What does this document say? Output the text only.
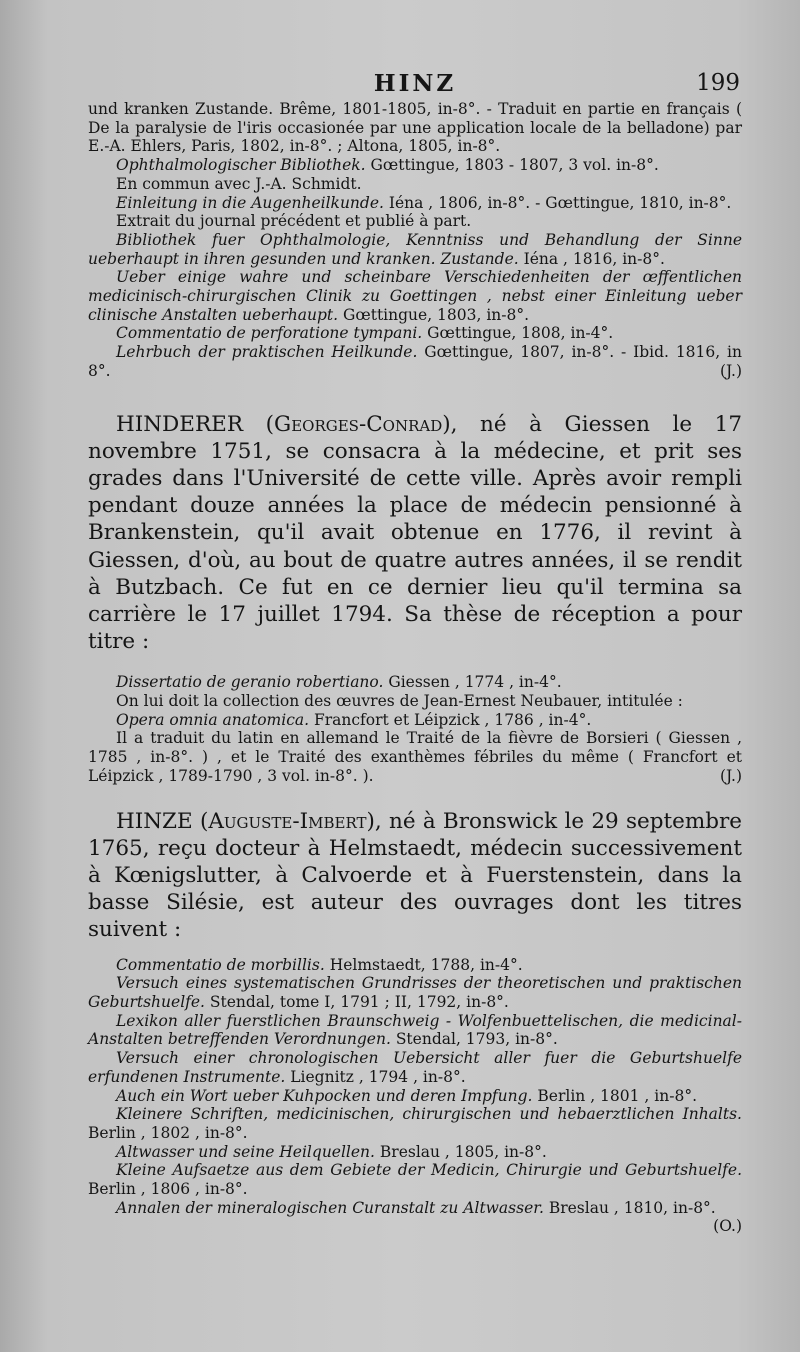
HINZ	199

und kranken Zustande. Brême, 1801-1805, in-8°. - Traduit en partie en français ( De la paralysie de l'iris occasionée par une application locale de la belladone) par E.-A. Ehlers, Paris, 1802, in-8°. ; Altona, 1805, in-8°.

Ophthalmologischer Bibliothek. Gœttingue, 1803 - 1807, 3 vol. in-8°.

En commun avec J.-A. Schmidt.

Einleitung in die Augenheilkunde. Iéna , 1806, in-8°. - Gœttingue, 1810, in-8°.

Extrait du journal précédent et publié à part.

Bibliothek fuer Ophthalmologie, Kenntniss und Behandlung der Sinne ueberhaupt in ihren gesunden und kranken. Zustande. Iéna , 1816, in-8°.

Ueber einige wahre und scheinbare Verschiedenheiten der œffentlichen medicinisch-chirurgischen Clinik zu Goettingen , nebst einer Einleitung ueber clinische Anstalten ueberhaupt. Gœttingue, 1803, in-8°.

Commentatio de perforatione tympani. Gœttingue, 1808, in-4°.

Lehrbuch der praktischen Heilkunde. Gœttingue, 1807, in-8°. - Ibid. 1816, in 8°.	(J.)

HINDERER (Georges-Conrad), né à Giessen le 17 novembre 1751, se consacra à la médecine, et prit ses grades dans l'Université de cette ville. Après avoir rempli pendant douze années la place de médecin pensionné à Brankenstein, qu'il avait obtenue en 1776, il revint à Giessen, d'où, au bout de quatre autres années, il se rendit à Butzbach. Ce fut en ce dernier lieu qu'il termina sa carrière le 17 juillet 1794. Sa thèse de réception a pour titre :

Dissertatio de geranio robertiano. Giessen , 1774 , in-4°.

On lui doit la collection des œuvres de Jean-Ernest Neubauer, intitulée :

Opera omnia anatomica. Francfort et Léipzick , 1786 , in-4°.

Il a traduit du latin en allemand le Traité de la fièvre de Borsieri ( Giessen , 1785 , in-8°. ) , et le Traité des exanthèmes fébriles du même ( Francfort et Léipzick , 1789-1790 , 3 vol. in-8°. ).	(J.)

HINZE (Auguste-Imbert), né à Bronswick le 29 septembre 1765, reçu docteur à Helmstaedt, médecin successivement à Kœnigslutter, à Calvoerde et à Fuerstenstein, dans la basse Silésie, est auteur des ouvrages dont les titres suivent :

Commentatio de morbillis. Helmstaedt, 1788, in-4°.

Versuch eines systematischen Grundrisses der theoretischen und praktischen Geburtshuelfe. Stendal, tome I, 1791 ; II, 1792, in-8°.

Lexikon aller fuerstlichen Braunschweig - Wolfenbuettelischen, die medicinal-Anstalten betreffenden Verordnungen. Stendal, 1793, in-8°.

Versuch einer chronologischen Uebersicht aller fuer die Geburtshuelfe erfundenen Instrumente. Liegnitz , 1794 , in-8°.

Auch ein Wort ueber Kuhpocken und deren Impfung. Berlin , 1801 , in-8°.

Kleinere Schriften, medicinischen, chirurgischen und hebaerztlichen Inhalts. Berlin , 1802 , in-8°.

Altwasser und seine Heilquellen. Breslau , 1805, in-8°.

Kleine Aufsaetze aus dem Gebiete der Medicin, Chirurgie und Geburtshuelfe. Berlin , 1806 , in-8°.

Annalen der mineralogischen Curanstalt zu Altwasser. Breslau , 1810, in-8°.
(O.)
